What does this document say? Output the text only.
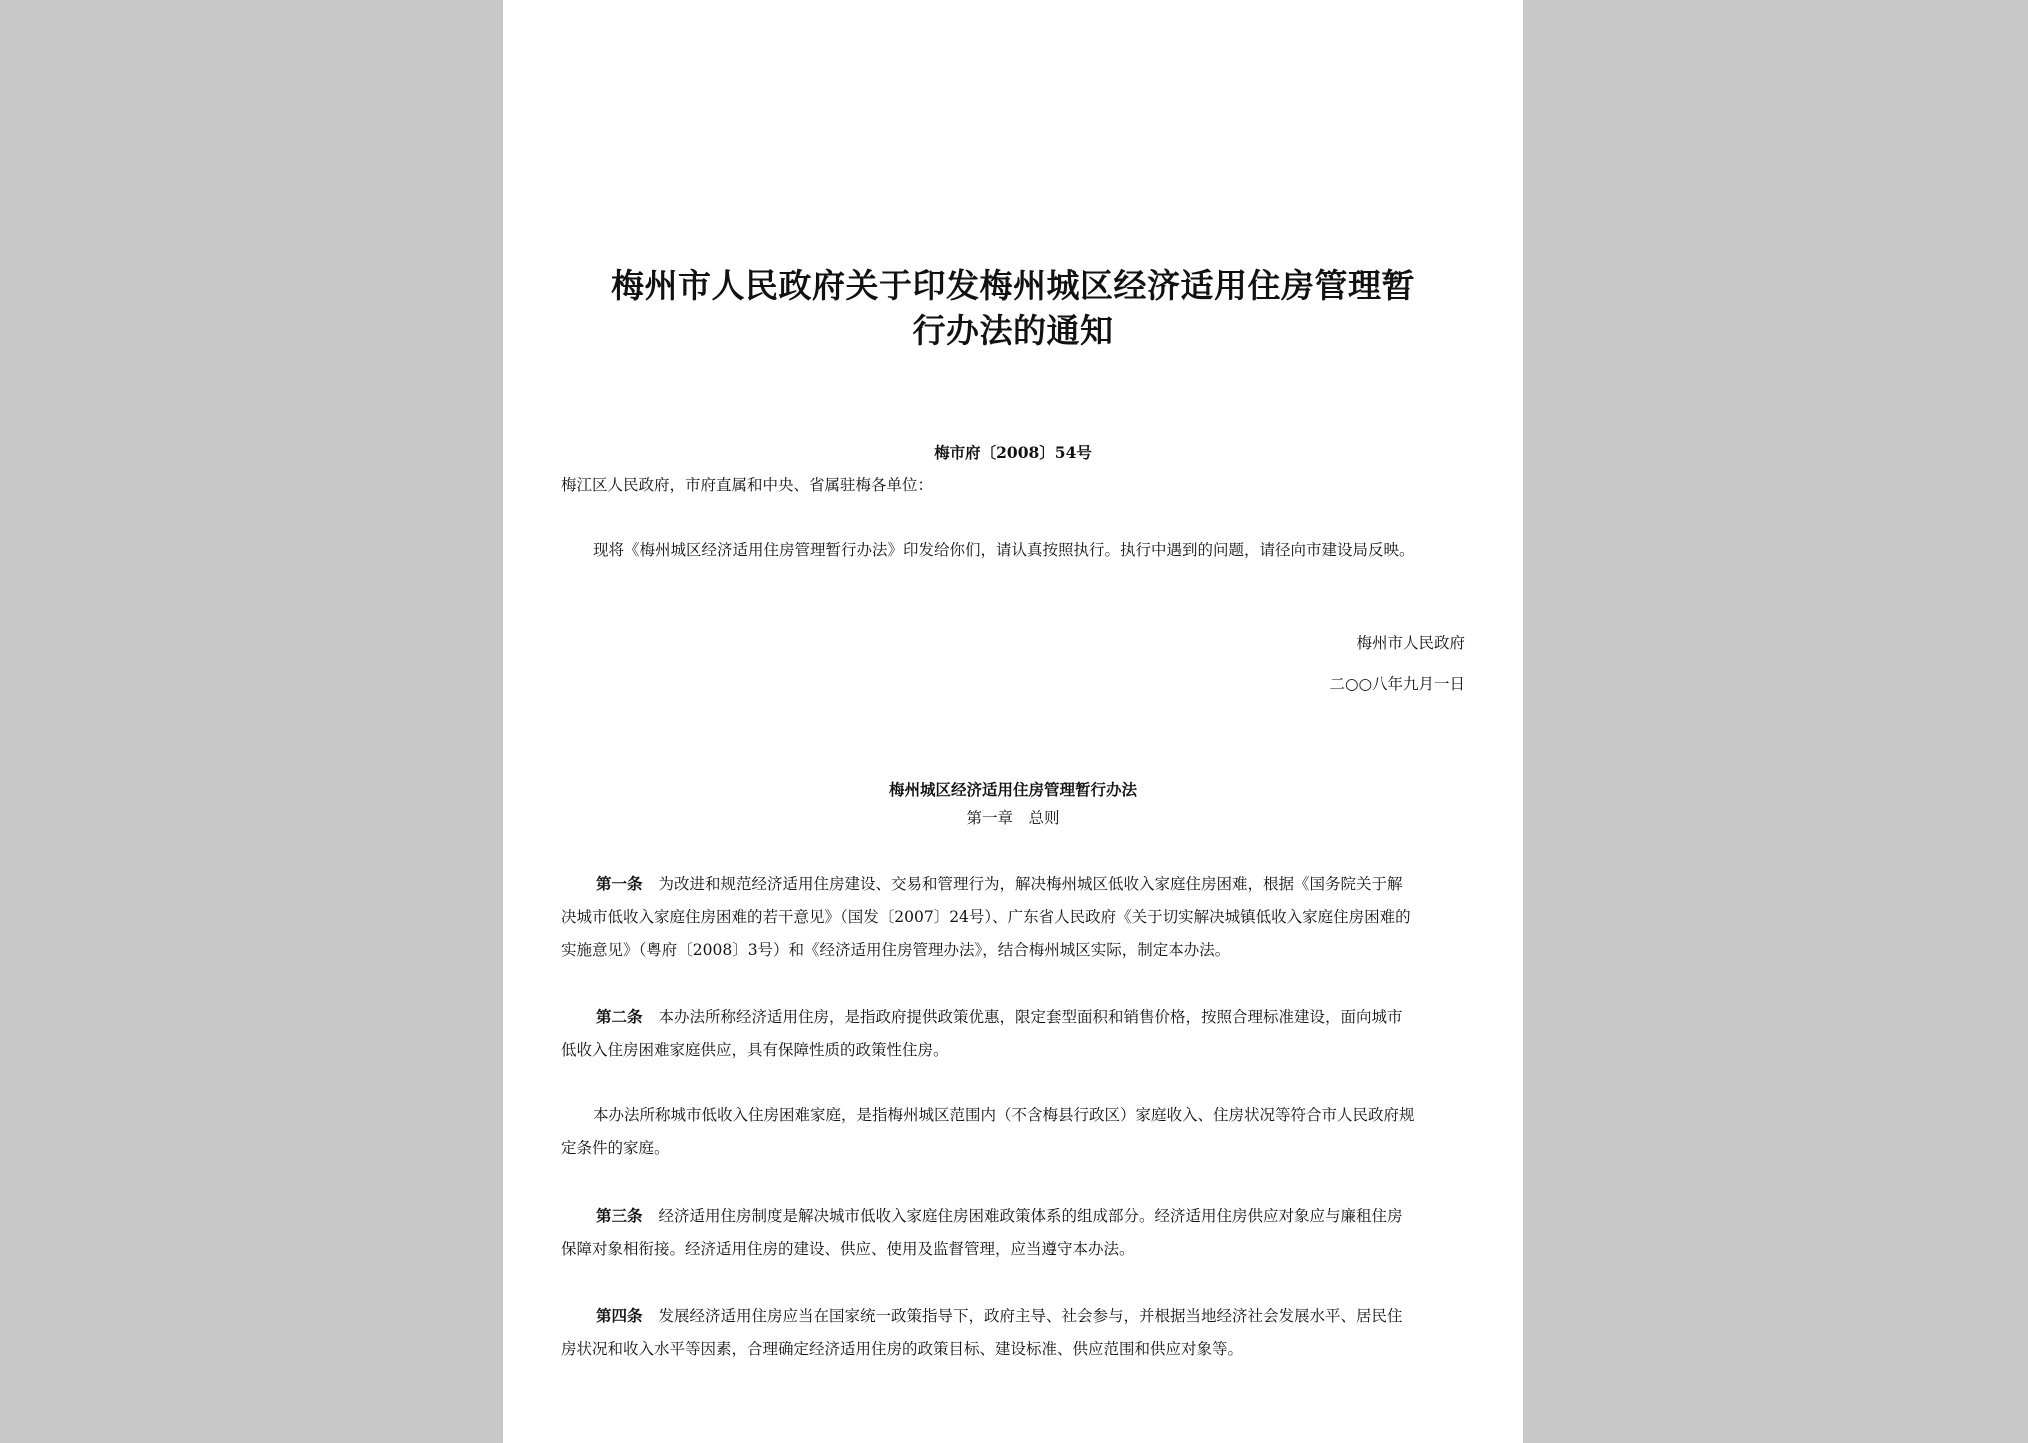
梅州市人民政府关于印发梅州城区经济适用住房管理暂
行办法的通知
梅市府〔2008〕54号
梅江区人民政府，市府直属和中央、省属驻梅各单位：
现将《梅州城区经济适用住房管理暂行办法》印发给你们，请认真按照执行。执行中遇到的问题，请径向市建设局反映。
梅州市人民政府
二○○八年九月一日
梅州城区经济适用住房管理暂行办法
第一章　总则
第一条 为改进和规范经济适用住房建设、交易和管理行为，解决梅州城区低收入家庭住房困难，根据《国务院关于解
决城市低收入家庭住房困难的若干意见》（国发〔2007〕24号）、广东省人民政府《关于切实解决城镇低收入家庭住房困难的
实施意见》（粤府〔2008〕3号）和《经济适用住房管理办法》，结合梅州城区实际，制定本办法。
第二条 本办法所称经济适用住房，是指政府提供政策优惠，限定套型面积和销售价格，按照合理标准建设，面向城市
低收入住房困难家庭供应，具有保障性质的政策性住房。
本办法所称城市低收入住房困难家庭，是指梅州城区范围内（不含梅县行政区）家庭收入、住房状况等符合市人民政府规
定条件的家庭。
第三条 经济适用住房制度是解决城市低收入家庭住房困难政策体系的组成部分。经济适用住房供应对象应与廉租住房
保障对象相衔接。经济适用住房的建设、供应、使用及监督管理，应当遵守本办法。
第四条 发展经济适用住房应当在国家统一政策指导下，政府主导、社会参与，并根据当地经济社会发展水平、居民住
房状况和收入水平等因素，合理确定经济适用住房的政策目标、建设标准、供应范围和供应对象等。
